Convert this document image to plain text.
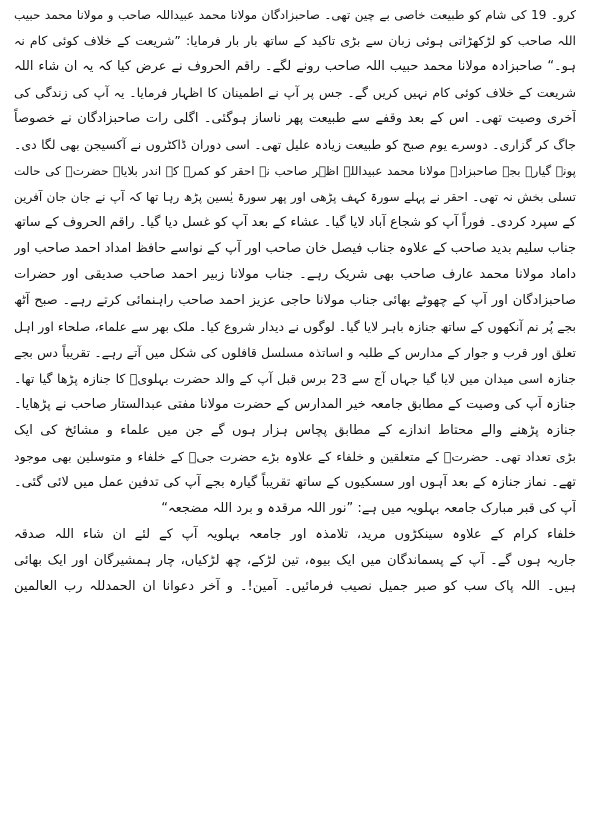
کرو۔ 19 کی شام کو طبیعت خاصی بے چین تھی۔ صاحبزادگان مولانا محمد عبیداللہ صاحب و مولانا محمد حبیب
اللہ صاحب کو لڑکھڑاتی ہوئی زبان سے بڑی تاکید کے ساتھ بار بار فرمایا: ”شریعت کے خلاف کوئی کام نہ
ہو۔“ صاحبزادہ مولانا محمد حبیب اللہ صاحب رونے لگے۔ راقم الحروف نے عرض کیا کہ یہ ان شاء اللہ
شریعت کے خلاف کوئی کام نہیں کریں گے۔ جس پر آپ نے اطمینان کا اظہار فرمایا۔ یہ آپ کی زندگی کی
آخری وصیت تھی۔ اس کے بعد وقفے سے طبیعت پھر ناساز ہوگئی۔ اگلی رات صاحبزادگان نے خصوصاً
جاگ کر گزاری۔ دوسرے یوم صبح کو طبیعت زیادہ علیل تھی۔ اسی دوران ڈاکٹروں نے آکسیجن بھی لگا دی۔
پونے گیارہ بجے صاحبزادہ مولانا محمد عبیداللہ اظہر صاحب نے احقر کو کمرہ کے اندر بلایا۔ حضرتؒ کی حالت
تسلی بخش نہ تھی۔ احقر نے پہلے سورۃ کہف پڑھی اور پھر سورۃ یٰسین پڑھ رہا تھا کہ آپ نے جان جان آفرین
کے سپرد کردی۔ فوراً آپ کو شجاع آباد لایا گیا۔ عشاء کے بعد آپ کو غسل دیا گیا۔ راقم الحروف کے ساتھ
جناب سلیم بدید صاحب کے علاوہ جناب فیصل خان صاحب اور آپ کے نواسے حافظ امداد احمد صاحب اور
داماد مولانا محمد عارف صاحب بھی شریک رہے۔ جناب مولانا زبیر احمد صاحب صدیقی اور حضرات
صاحبزادگان اور آپ کے چھوٹے بھائی جناب مولانا حاجی عزیز احمد صاحب راہنمائی کرتے رہے۔ صبح آٹھ
بجے پُر نم آنکھوں کے ساتھ جنازہ باہر لایا گیا۔ لوگوں نے دیدار شروع کیا۔ ملک بھر سے علماء، صلحاء اور اہل
تعلق اور قرب و جوار کے مدارس کے طلبہ و اساتذہ مسلسل قافلوں کی شکل میں آتے رہے۔ تقریباً دس بجے
جنازہ اسی میدان میں لایا گیا جہاں آج سے 23 برس قبل آپ کے والد حضرت بہلویؒ کا جنازہ پڑھا گیا تھا۔
جنازہ آپ کی وصیت کے مطابق جامعہ خیر المدارس کے حضرت مولانا مفتی عبدالستار صاحب نے پڑھایا۔
جنازہ پڑھنے والے محتاط اندازے کے مطابق پچاس ہزار ہوں گے جن میں علماء و مشائخ کی ایک
بڑی تعداد تھی۔ حضرتؒ کے متعلقین و خلفاء کے علاوہ بڑے حضرت جیؒ کے خلفاء و متوسلین بھی موجود
تھے۔ نماز جنازہ کے بعد آہوں اور سسکیوں کے ساتھ تقریباً گیارہ بجے آپ کی تدفین عمل میں لائی گئی۔
آپ کی قبر مبارک جامعہ بہلویہ میں ہے: ”نور اللہ مرقدہ و برد اللہ مضجعہ“
خلفاء کرام کے علاوہ سینکڑوں مرید، تلامذہ اور جامعہ بہلویہ آپ کے لئے ان شاء اللہ صدقہ
جاریہ ہوں گے۔ آپ کے پسماندگان میں ایک بیوہ، تین لڑکے، چھ لڑکیاں، چار ہمشیرگان اور ایک بھائی
ہیں۔ اللہ پاک سب کو صبر جمیل نصیب فرمائیں۔ آمین!۔ و آخر دعوانا ان الحمدللہ رب العالمین
